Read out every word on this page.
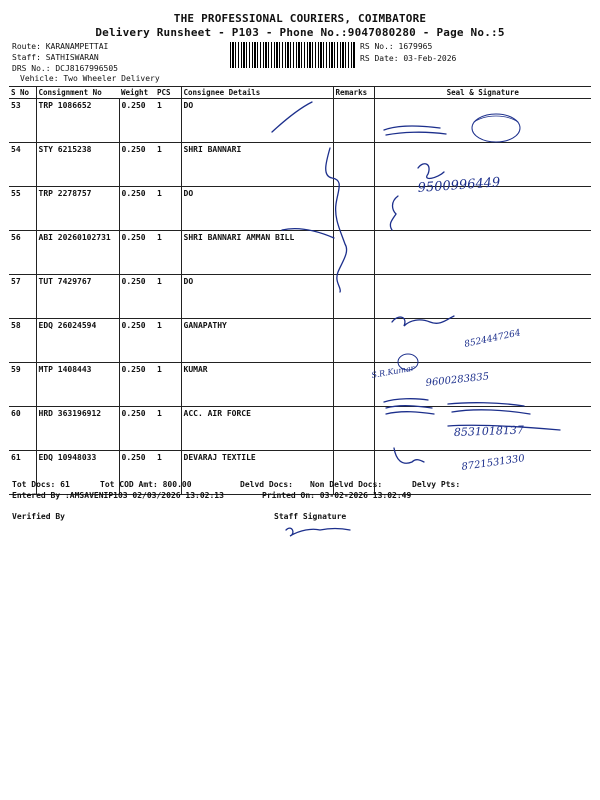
THE PROFESSIONAL COURIERS, COIMBATORE
Delivery Runsheet - P103 - Phone No.:9047080280 - Page No.:5
Route: KARANAMPETTAI
Staff: SATHISWARAN
DRS No.: DCJ8167996505
Vehicle: Two Wheeler Delivery
RS No.: 1679965
RS Date: 03-Feb-2026
S No	Consignment No	Weight	PCS	Consignee Details	Remarks	Seal & Signature
53	TRP 1086652	0.250	1	DO		
54	STY 6215238	0.250	1	SHRI BANNARI		
55	TRP 2278757	0.250	1	DO		
56	ABI 20260102731	0.250	1	SHRI BANNARI AMMAN BILL		
57	TUT 7429767	0.250	1	DO		
58	EDQ 26024594	0.250	1	GANAPATHY		
59	MTP 1408443	0.250	1	KUMAR		
60	HRD 363196912	0.250	1	ACC. AIR FORCE		
61	EDQ 10948033	0.250	1	DEVARAJ TEXTILE		
Tot Docs: 61	Tot COD Amt: 800.00	Delvd Docs: Non Delvd Docs:	Delvy Pts:
Entered By :AMSAVENIP103 02/03/2026 13:02:13	Printed On: 03-02-2026 13:02:49
Verified By	Staff Signature
9500996449
8524447264
S.R.Kumar 9600283835
8531018137
8721531330
